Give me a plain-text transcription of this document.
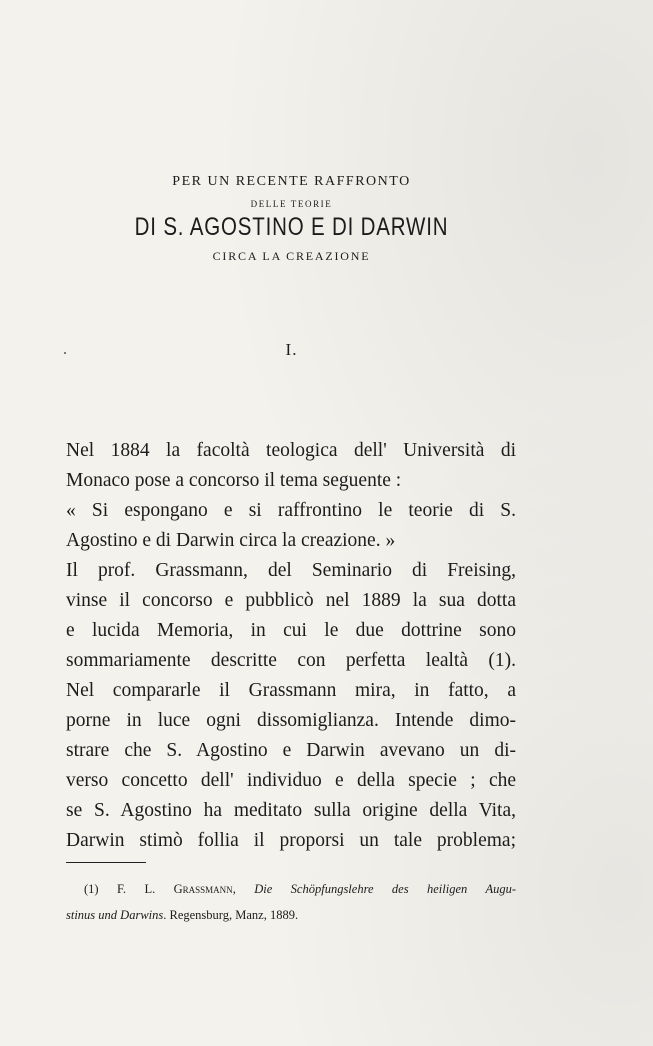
PER UN RECENTE RAFFRONTO
DELLE TEORIE
DI S. AGOSTINO E DI DARWIN
CIRCA LA CREAZIONE
I.
Nel 1884 la facoltà teologica dell' Università di
Monaco pose a concorso il tema seguente :
« Si espongano e si raffrontino le teorie di S.
Agostino e di Darwin circa la creazione. »
Il prof. Grassmann, del Seminario di Freising,
vinse il concorso e pubblicò nel 1889 la sua dotta
e lucida Memoria, in cui le due dottrine sono
sommariamente descritte con perfetta lealtà (1).
Nel compararle il Grassmann mira, in fatto, a
porne in luce ogni dissomiglianza. Intende dimo-
strare che S. Agostino e Darwin avevano un di-
verso concetto dell' individuo e della specie ; che
se S. Agostino ha meditato sulla origine della Vita,
Darwin stimò follia il proporsi un tale problema;
(1) F. L. Grassmann, Die Schöpfungslehre des heiligen Augu-
stinus und Darwins. Regensburg, Manz, 1889.
